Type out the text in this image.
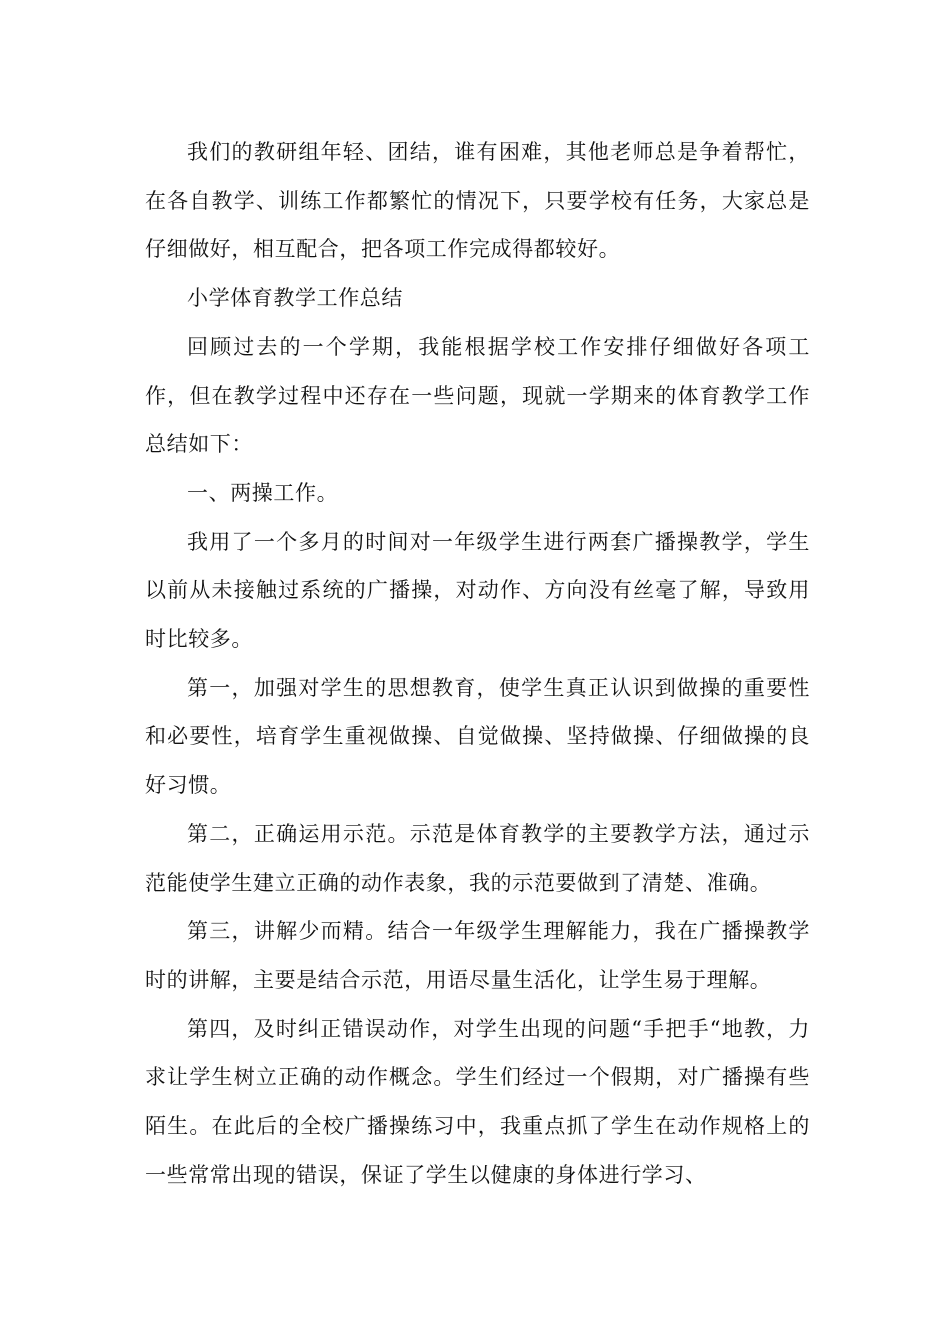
我们的教研组年轻、团结，谁有困难，其他老师总是争着帮忙，在各自教学、训练工作都繁忙的情况下，只要学校有任务，大家总是仔细做好，相互配合，把各项工作完成得都较好。

小学体育教学工作总结

回顾过去的一个学期，我能根据学校工作安排仔细做好各项工作，但在教学过程中还存在一些问题，现就一学期来的体育教学工作总结如下：

一、两操工作。

我用了一个多月的时间对一年级学生进行两套广播操教学，学生以前从未接触过系统的广播操，对动作、方向没有丝毫了解，导致用时比较多。

第一，加强对学生的思想教育，使学生真正认识到做操的重要性和必要性，培育学生重视做操、自觉做操、坚持做操、仔细做操的良好习惯。

第二，正确运用示范。示范是体育教学的主要教学方法，通过示范能使学生建立正确的动作表象，我的示范要做到了清楚、准确。

第三，讲解少而精。结合一年级学生理解能力，我在广播操教学时的讲解，主要是结合示范，用语尽量生活化，让学生易于理解。

第四，及时纠正错误动作，对学生出现的问题“手把手“地教，力求让学生树立正确的动作概念。学生们经过一个假期，对广播操有些陌生。在此后的全校广播操练习中，我重点抓了学生在动作规格上的一些常常出现的错误，保证了学生以健康的身体进行学习、
